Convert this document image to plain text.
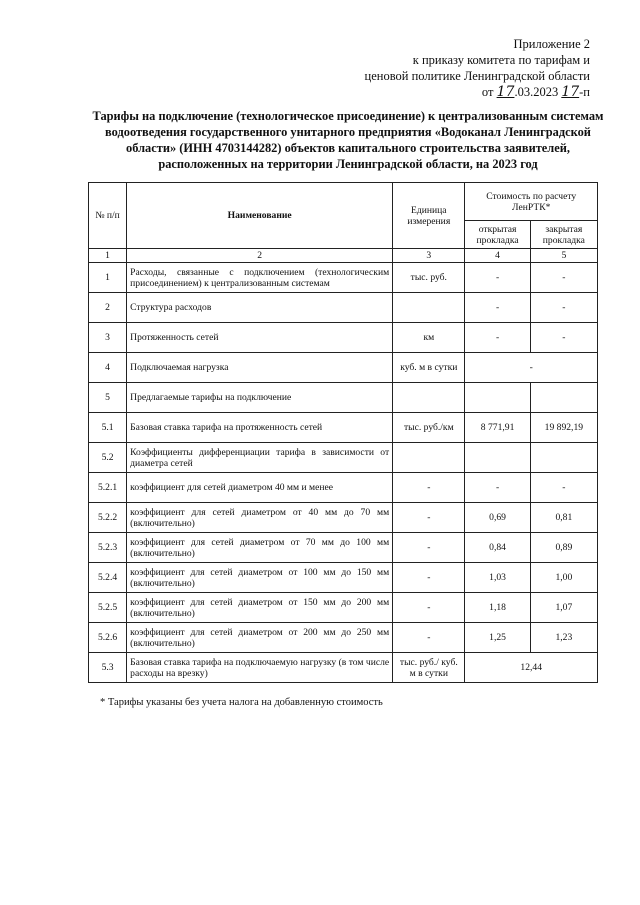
Приложение 2
к приказу комитета по тарифам и
ценовой политике Ленинградской области
от 17.03.2023 17-п
Тарифы на подключение (технологическое присоединение) к централизованным системам
водоотведения государственного унитарного предприятия «Водоканал Ленинградской
области» (ИНН 4703144282) объектов капитального строительства заявителей,
расположенных на территории Ленинградской области, на 2023 год
№ п/п	Наименование	Единица измерения	Стоимость по расчету ЛенРТК*	
			открытая прокладка	закрытая прокладка
1	2	3	4	5
1	Расходы, связанные с подключением (технологическим присоединением) к централизованным системам	тыс. руб.	-	-
2	Структура расходов		-	-
3	Протяженность сетей	км	-	-
4	Подключаемая нагрузка	куб. м в сутки	-	
5	Предлагаемые тарифы на подключение			
5.1	Базовая ставка тарифа на протяженность сетей	тыс. руб./км	8 771,91	19 892,19
5.2	Коэффициенты дифференциации тарифа в зависимости от диаметра сетей			
5.2.1	коэффициент для сетей диаметром 40 мм и менее	-	-	-
5.2.2	коэффициент для сетей диаметром от 40 мм до 70 мм (включительно)	-	0,69	0,81
5.2.3	коэффициент для сетей диаметром от 70 мм до 100 мм (включительно)	-	0,84	0,89
5.2.4	коэффициент для сетей диаметром от 100 мм до 150 мм (включительно)	-	1,03	1,00
5.2.5	коэффициент для сетей диаметром от 150 мм до 200 мм (включительно)	-	1,18	1,07
5.2.6	коэффициент для сетей диаметром от 200 мм до 250 мм (включительно)	-	1,25	1,23
5.3	Базовая ставка тарифа на подключаемую нагрузку (в том числе расходы на врезку)	тыс. руб./ куб. м в сутки	12,44	
* Тарифы указаны без учета налога на добавленную стоимость
